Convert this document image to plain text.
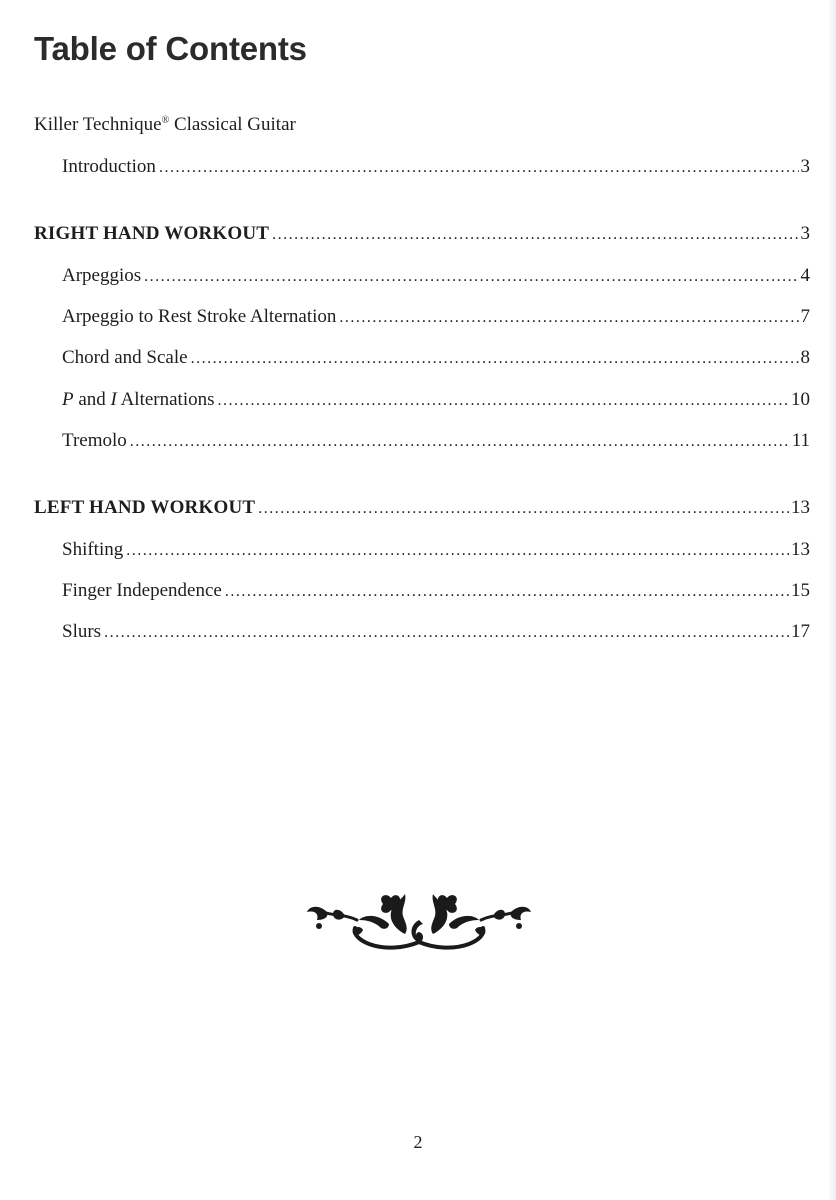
Table of Contents
Killer Technique® Classical Guitar
Introduction .....	3
RIGHT HAND WORKOUT .....	3
Arpeggios .....	4
Arpeggio to Rest Stroke Alternation .....	7
Chord and Scale .....	8
P and I Alternations .....	10
Tremolo .....	11
LEFT HAND WORKOUT .....	13
Shifting .....	13
Finger Independence .....	15
Slurs .....	17
2
